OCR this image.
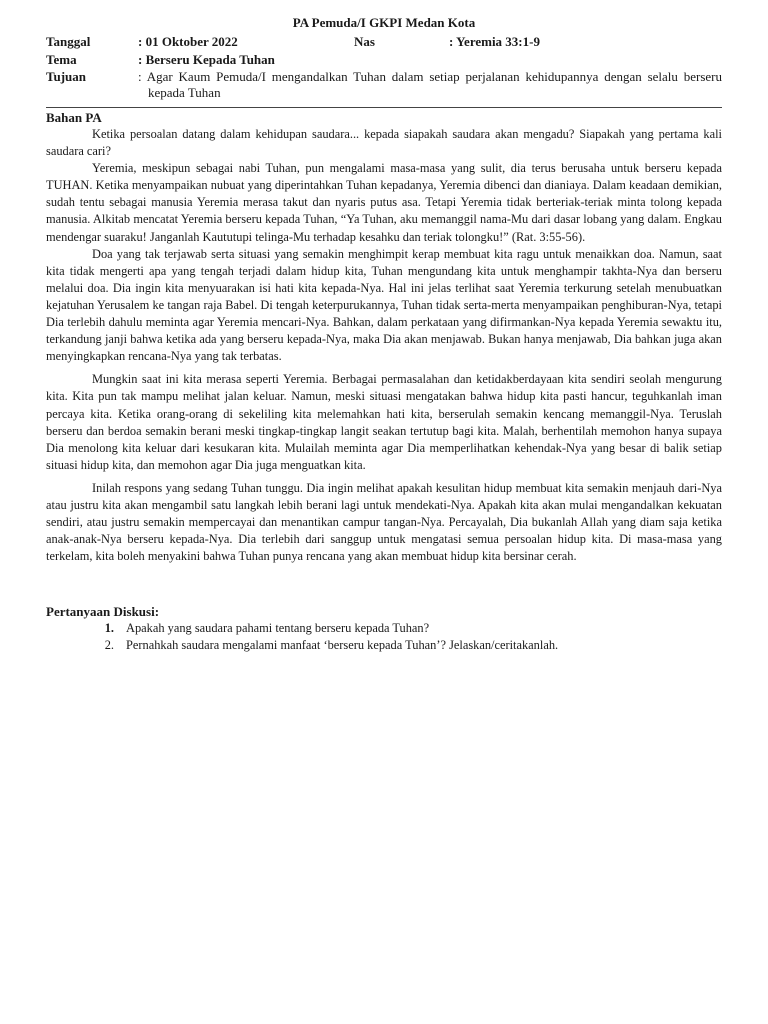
PA Pemuda/I GKPI Medan Kota
Tanggal	: 01 Oktober 2022	Nas	: Yeremia 33:1-9
Tema	: Berseru Kepada Tuhan
Tujuan	: Agar Kaum Pemuda/I mengandalkan Tuhan dalam setiap perjalanan kehidupannya dengan selalu berseru kepada Tuhan
Bahan PA

Ketika persoalan datang dalam kehidupan saudara... kepada siapakah saudara akan mengadu? Siapakah yang pertama kali saudara cari?

Yeremia, meskipun sebagai nabi Tuhan, pun mengalami masa-masa yang sulit, dia terus berusaha untuk berseru kepada TUHAN. Ketika menyampaikan nubuat yang diperintahkan Tuhan kepadanya, Yeremia dibenci dan dianiaya. Dalam keadaan demikian, sudah tentu sebagai manusia Yeremia merasa takut dan nyaris putus asa. Tetapi Yeremia tidak berteriak-teriak minta tolong kepada manusia. Alkitab mencatat Yeremia berseru kepada Tuhan, “Ya Tuhan, aku memanggil nama-Mu dari dasar lobang yang dalam. Engkau mendengar suaraku! Janganlah Kaututupi telinga-Mu terhadap kesahku dan teriak tolongku!” (Rat. 3:55-56).

Doa yang tak terjawab serta situasi yang semakin menghimpit kerap membuat kita ragu untuk menaikkan doa. Namun, saat kita tidak mengerti apa yang tengah terjadi dalam hidup kita, Tuhan mengundang kita untuk menghampir takhta-Nya dan berseru melalui doa. Dia ingin kita menyuarakan isi hati kita kepada-Nya. Hal ini jelas terlihat saat Yeremia terkurung setelah menubuatkan kejatuhan Yerusalem ke tangan raja Babel. Di tengah keterpurukannya, Tuhan tidak serta-merta menyampaikan penghiburan-Nya, tetapi Dia terlebih dahulu meminta agar Yeremia mencari-Nya. Bahkan, dalam perkataan yang difirmankan-Nya kepada Yeremia sewaktu itu, terkandung janji bahwa ketika ada yang berseru kepada-Nya, maka Dia akan menjawab. Bukan hanya menjawab, Dia bahkan juga akan menyingkapkan rencana-Nya yang tak terbatas.

Mungkin saat ini kita merasa seperti Yeremia. Berbagai permasalahan dan ketidakberdayaan kita sendiri seolah mengurung kita. Kita pun tak mampu melihat jalan keluar. Namun, meski situasi mengatakan bahwa hidup kita pasti hancur, teguhkanlah iman percaya kita. Ketika orang-orang di sekeliling kita melemahkan hati kita, berserulah semakin kencang memanggil-Nya. Teruslah berseru dan berdoa semakin berani meski tingkap-tingkap langit seakan tertutup bagi kita. Malah, berhentilah memohon hanya supaya Dia menolong kita keluar dari kesukaran kita. Mulailah meminta agar Dia memperlihatkan kehendak-Nya yang besar di balik setiap situasi hidup kita, dan memohon agar Dia juga menguatkan kita.

Inilah respons yang sedang Tuhan tunggu. Dia ingin melihat apakah kesulitan hidup membuat kita semakin menjauh dari-Nya atau justru kita akan mengambil satu langkah lebih berani lagi untuk mendekati-Nya. Apakah kita akan mulai mengandalkan kekuatan sendiri, atau justru semakin mempercayai dan menantikan campur tangan-Nya. Percayalah, Dia bukanlah Allah yang diam saja ketika anak-anak-Nya berseru kepada-Nya. Dia terlebih dari sanggup untuk mengatasi semua persoalan hidup kita. Di masa-masa yang terkelam, kita boleh menyakini bahwa Tuhan punya rencana yang akan membuat hidup kita bersinar cerah.

Pertanyaan Diskusi:
1. Apakah yang saudara pahami tentang berseru kepada Tuhan?
2. Pernahkah saudara mengalami manfaat ‘berseru kepada Tuhan’? Jelaskan/ceritakanlah.
